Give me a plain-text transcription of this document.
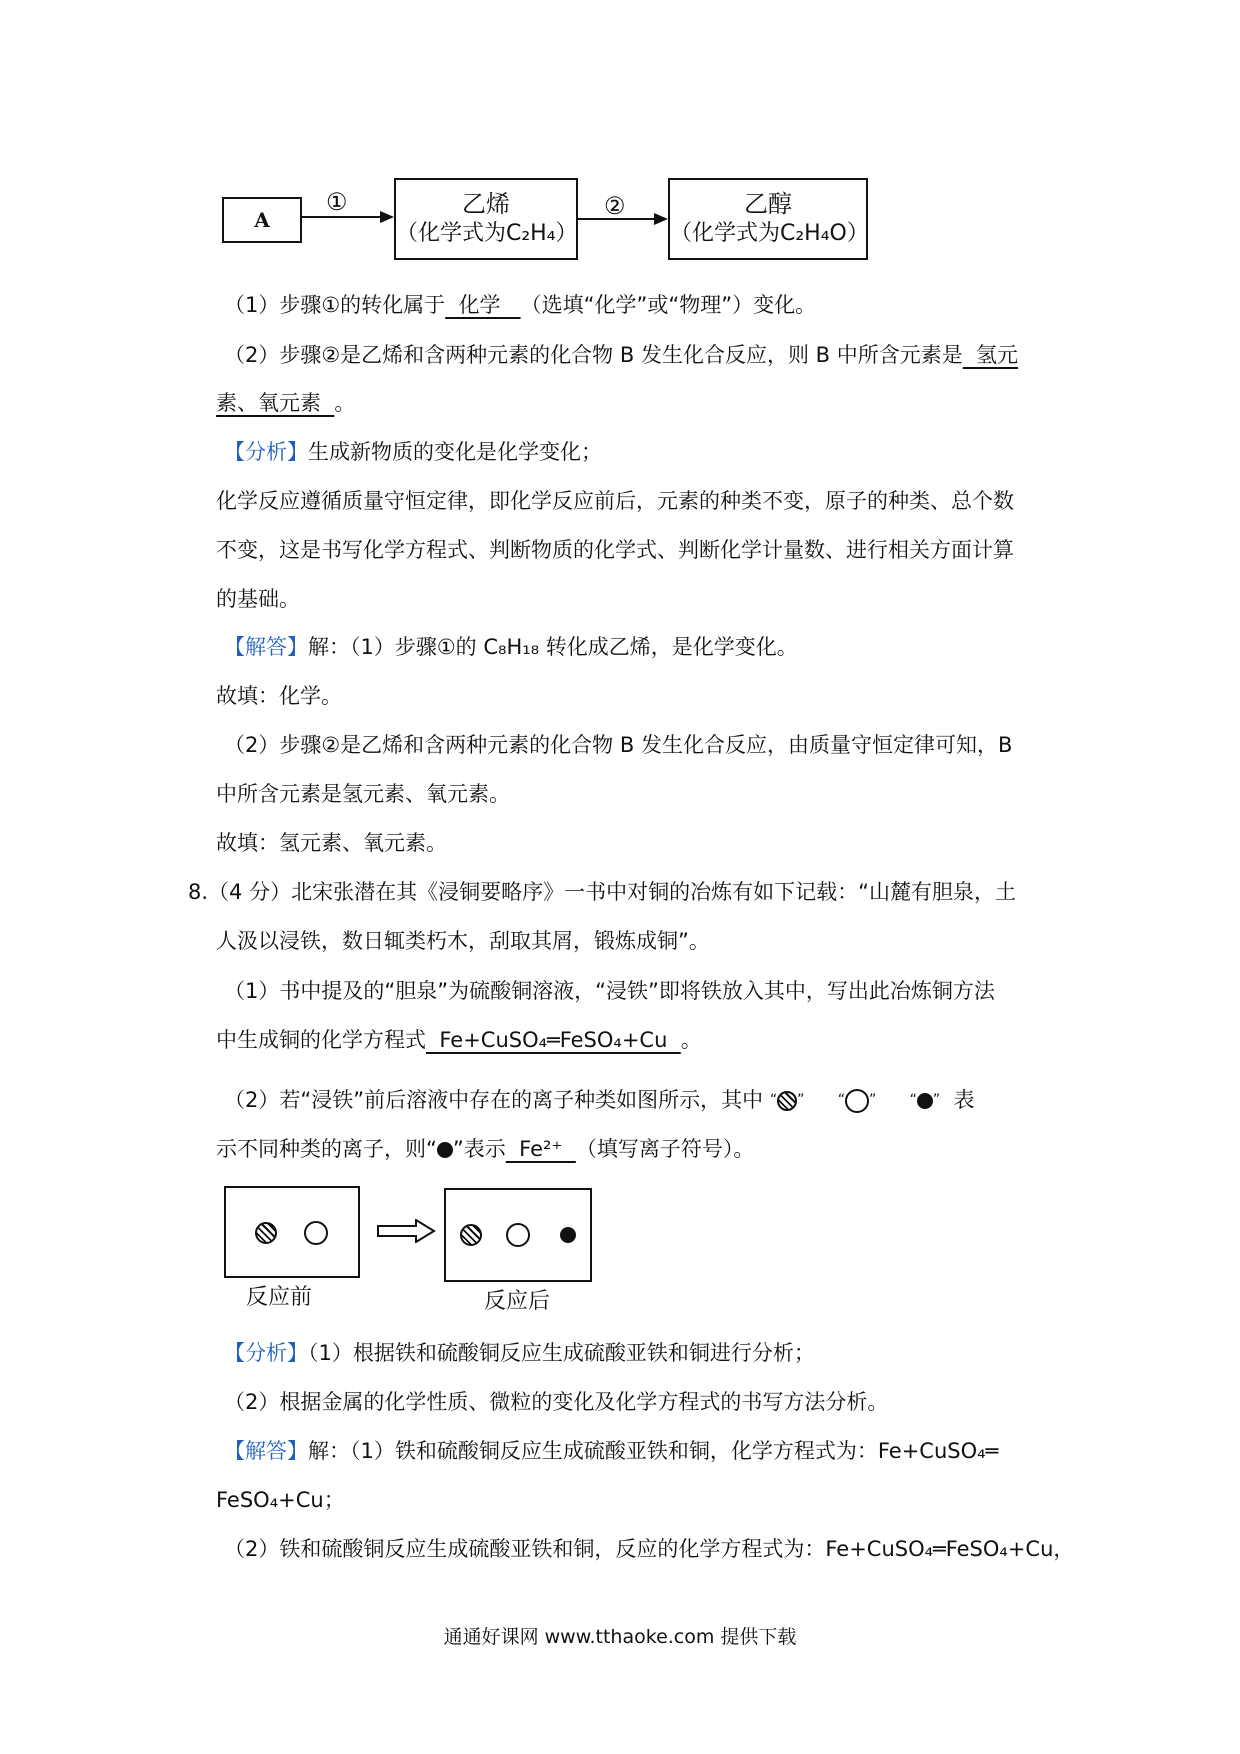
A
①	乙烯
（化学式为C₂H₄）
②	乙醇
（化学式为C₂H₄O）
（1）步骤①的转化属于  化学   （选填“化学”或“物理”）变化。
（2）步骤②是乙烯和含两种元素的化合物 B 发生化合反应，则 B 中所含元素是  氢元
素、氧元素  。
【分析】生成新物质的变化是化学变化；
化学反应遵循质量守恒定律，即化学反应前后，元素的种类不变，原子的种类、总个数
不变，这是书写化学方程式、判断物质的化学式、判断化学计量数、进行相关方面计算
的基础。
【解答】解：（1）步骤①的 C₈H₁₈ 转化成乙烯，是化学变化。
故填：化学。
（2）步骤②是乙烯和含两种元素的化合物 B 发生化合反应，由质量守恒定律可知，B
中所含元素是氢元素、氧元素。
故填：氢元素、氧元素。
8.（4 分）北宋张潜在其《浸铜要略序》一书中对铜的冶炼有如下记载：“山麓有胆泉，土
人汲以浸铁，数日辄类朽木，刮取其屑，锻炼成铜”。
（1）书中提及的“胆泉”为硫酸铜溶液，“浸铁”即将铁放入其中，写出此冶炼铜方法
中生成铜的化学方程式  Fe+CuSO₄═FeSO₄+Cu  。
（2）若“浸铁”前后溶液中存在的离子种类如图所示，其中 “ ” “ ” “ ” 表
示不同种类的离子，则“ ”表示  Fe²⁺  （填写离子符号）。
反应前	反应后
【分析】（1）根据铁和硫酸铜反应生成硫酸亚铁和铜进行分析；
（2）根据金属的化学性质、微粒的变化及化学方程式的书写方法分析。
【解答】解：（1）铁和硫酸铜反应生成硫酸亚铁和铜，化学方程式为：Fe+CuSO₄═
FeSO₄+Cu；
（2）铁和硫酸铜反应生成硫酸亚铁和铜，反应的化学方程式为：Fe+CuSO₄═FeSO₄+Cu，
通通好课网 www.tthaoke.com 提供下载
